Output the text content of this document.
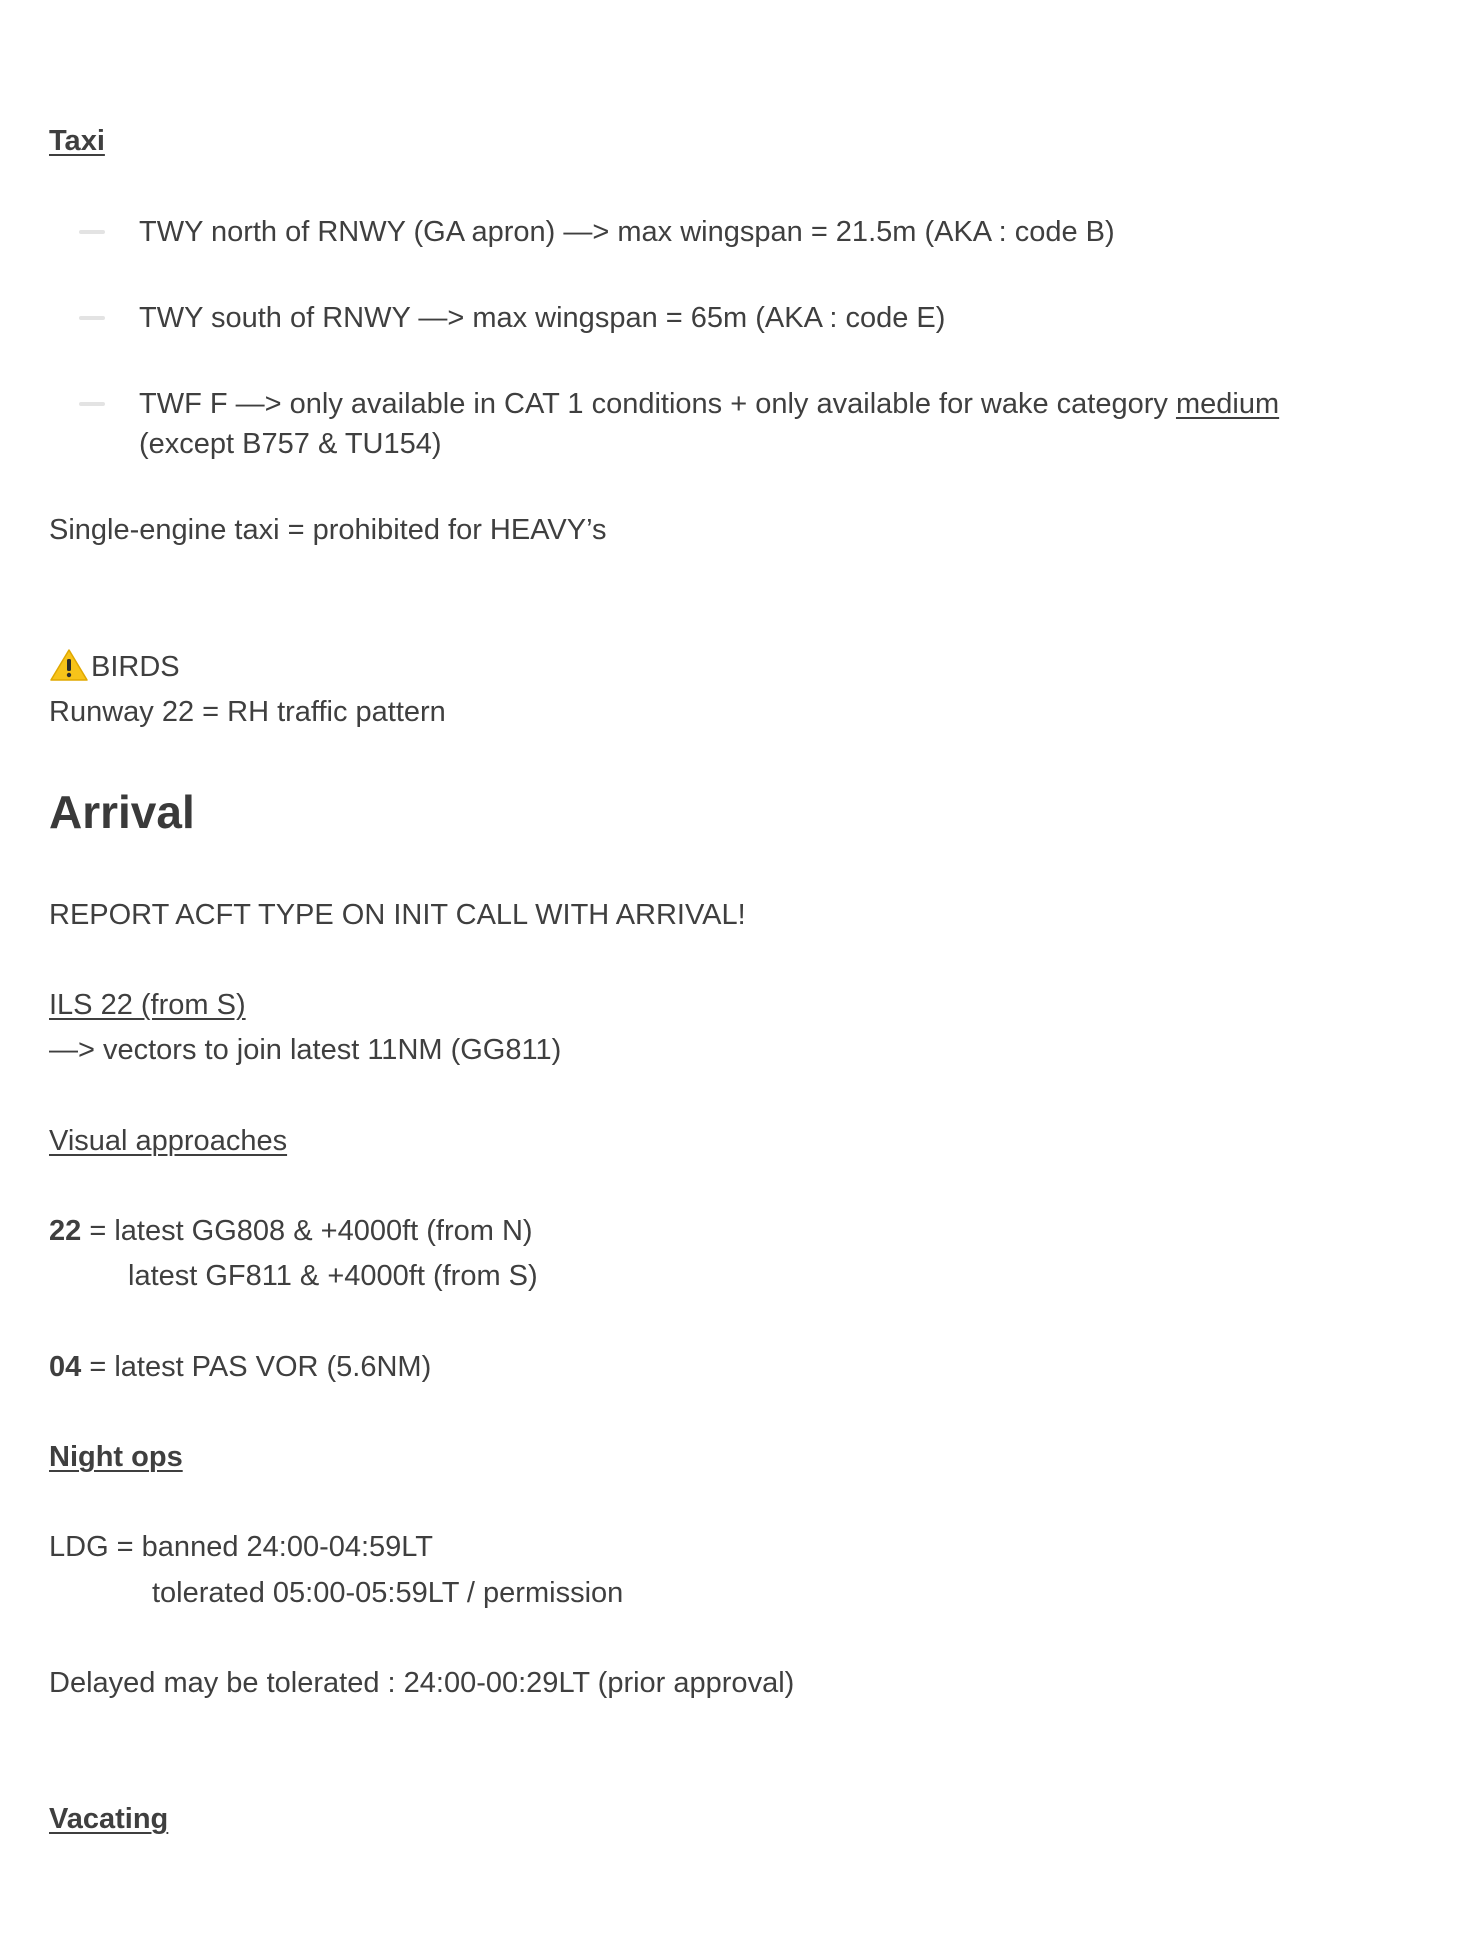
Taxi
TWY north of RNWY (GA apron) —> max wingspan = 21.5m (AKA : code B)
TWY south of RNWY —> max wingspan = 65m (AKA : code E)
TWF F —> only available in CAT 1 conditions + only available for wake category medium
(except B757 & TU154)
Single-engine taxi = prohibited for HEAVY’s
BIRDS
Runway 22 = RH traffic pattern
Arrival
REPORT ACFT TYPE ON INIT CALL WITH ARRIVAL!
ILS 22 (from S)
—> vectors to join latest 11NM (GG811)
Visual approaches
22 = latest GG808 & +4000ft (from N)
latest GF811 & +4000ft (from S)
04 = latest PAS VOR (5.6NM)
Night ops
LDG = banned 24:00-04:59LT
tolerated 05:00-05:59LT / permission
Delayed may be tolerated : 24:00-00:29LT (prior approval)
Vacating
